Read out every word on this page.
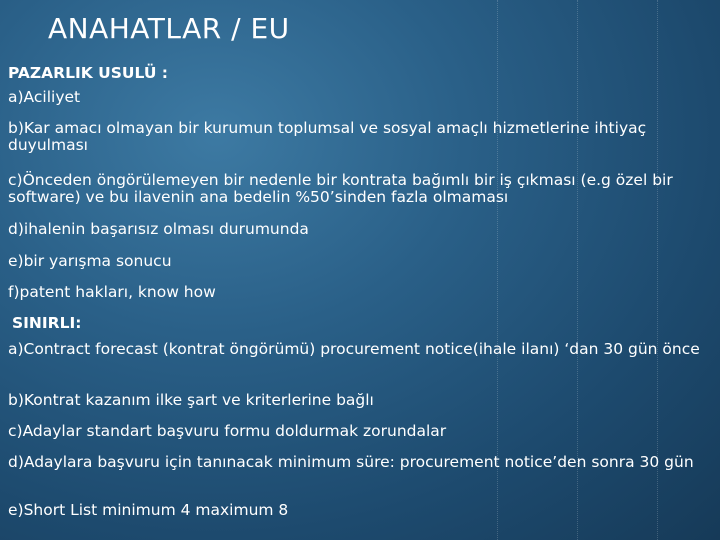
ANAHATLAR / EU

PAZARLIK USULÜ :

a)Aciliyet

b)Kar amacı olmayan bir kurumun toplumsal ve sosyal amaçlı hizmetlerine ihtiyaç duyulması

c)Önceden öngörülemeyen bir nedenle bir kontrata bağımlı bir iş çıkması (e.g özel bir software) ve bu ilavenin ana bedelin %50’sinden fazla olmaması

d)ihalenin başarısız olması durumunda

e)bir yarışma sonucu

f)patent hakları, know how

SINIRLI:

a)Contract forecast (kontrat öngörümü) procurement notice(ihale ilanı) ‘dan 30 gün önce

b)Kontrat kazanım ilke şart ve kriterlerine bağlı

c)Adaylar standart başvuru formu doldurmak zorundalar

d)Adaylara başvuru için tanınacak minimum süre: procurement notice’den sonra 30 gün

e)Short List minimum 4 maximum 8
